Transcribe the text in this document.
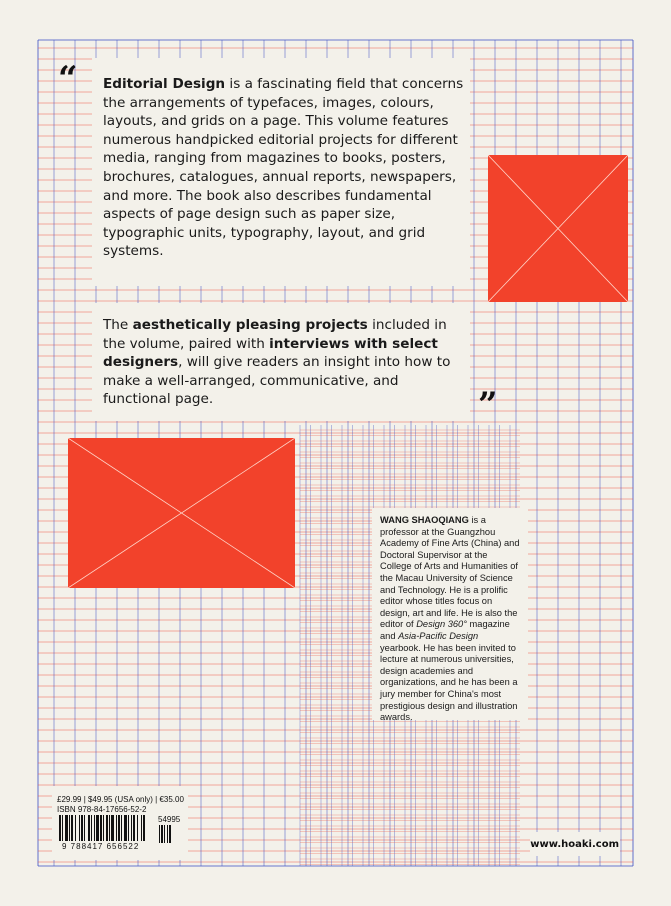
“
”
Editorial Design is a fascinating field that concerns the arrangements of typefaces, images, colours, layouts, and grids on a page. This volume features numerous handpicked editorial projects for different media, ranging from magazines to books, posters, brochures, catalogues, annual reports, newspapers, and more. The book also describes fundamental aspects of page design such as paper size, typographic units, typography, layout, and grid systems.
The aesthetically pleasing projects included in the volume, paired with interviews with select designers, will give readers an insight into how to make a well-arranged, communicative, and functional page.
WANG SHAOQIANG is a professor at the Guangzhou Academy of Fine Arts (China) and Doctoral Supervisor at the College of Arts and Humanities of the Macau University of Science and Technology. He is a prolific editor whose titles focus on design, art and life. He is also the editor of Design 360° magazine and Asia-Pacific Design yearbook. He has been invited to lecture at numerous universities, design academies and organizations, and he has been a jury member for China's most prestigious design and illustration awards.
£29.99 | $49.95 (USA only) | €35.00
ISBN 978-84-17656-52-2
9 788417 656522
54995
www.hoaki.com
